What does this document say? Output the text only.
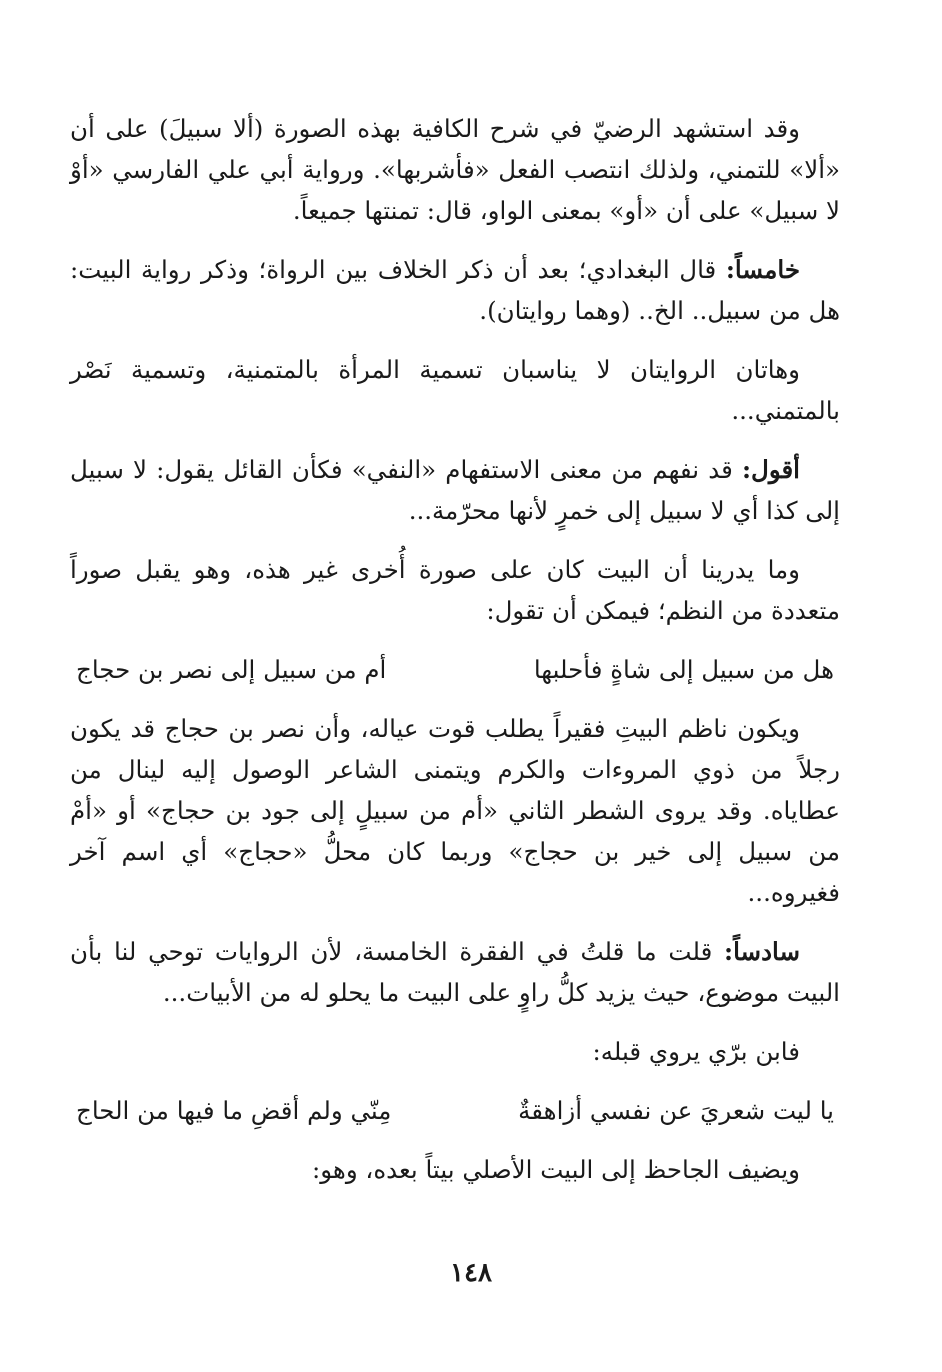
وقد استشهد الرضيّ في شرح الكافية بهذه الصورة (ألا سبيلَ) على أن «ألا» للتمني، ولذلك انتصب الفعل «فأشربها». ورواية أبي علي الفارسي «أوْ لا سبيل» على أن «أو» بمعنى الواو، قال: تمنتها جميعاً.

خامساً: قال البغدادي؛ بعد أن ذكر الخلاف بين الرواة؛ وذكر رواية البيت: هل من سبيل.. الخ.. (وهما روايتان).

وهاتان الروايتان لا يناسبان تسمية المرأة بالمتمنية، وتسمية نَصْر بالمتمني...

أقول: قد نفهم من معنى الاستفهام «النفي» فكأن القائل يقول: لا سبيل إلى كذا أي لا سبيل إلى خمرٍ لأنها محرّمة...

وما يدرينا أن البيت كان على صورة أُخرى غير هذه، وهو يقبل صوراً متعددة من النظم؛ فيمكن أن تقول:

هل من سبيل إلى شاةٍ فأحلبها
أم من سبيل إلى نصر بن حجاج

ويكون ناظم البيتِ فقيراً يطلب قوت عياله، وأن نصر بن حجاج قد يكون رجلاً من ذوي المروءات والكرم ويتمنى الشاعر الوصول إليه لينال من عطاياه. وقد يروى الشطر الثاني «أم من سبيلٍ إلى جود بن حجاج» أو «أمْ من سبيل إلى خير بن حجاج» وربما كان محلُّ «حجاج» أي اسم آخر فغيروه...

سادساً: قلت ما قلتُ في الفقرة الخامسة، لأن الروايات توحي لنا بأن البيت موضوع، حيث يزيد كلُّ راوٍ على البيت ما يحلو له من الأبيات...

فابن برّي يروي قبله:

يا ليت شعريَ عن نفسي أزاهقةٌ
مِنّي ولم أقضِ ما فيها من الحاج

ويضيف الجاحظ إلى البيت الأصلي بيتاً بعده، وهو:

١٤٨
